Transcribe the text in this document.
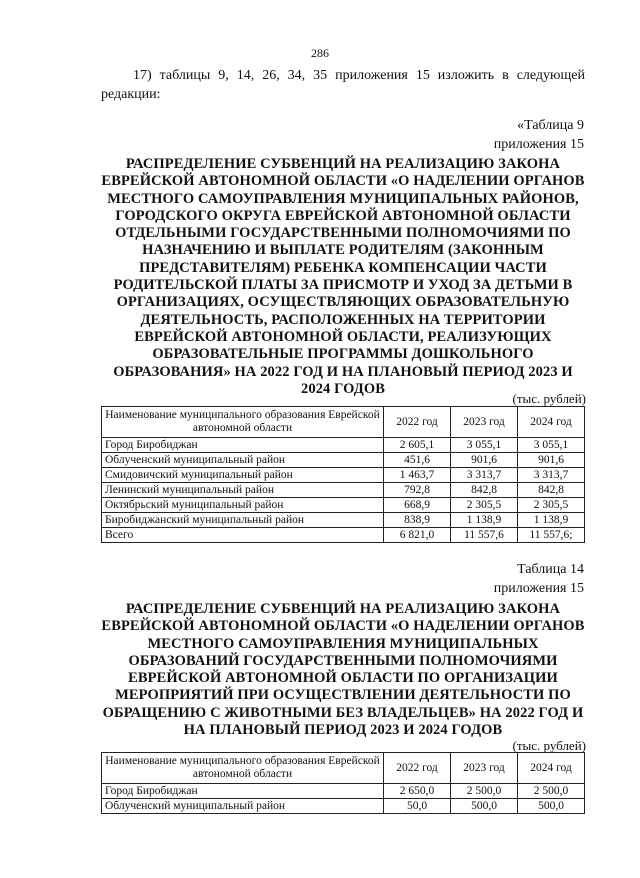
286
17) таблицы 9, 14, 26, 34, 35 приложения 15 изложить в следующей редакции:
«Таблица 9
приложения 15
РАСПРЕДЕЛЕНИЕ СУБВЕНЦИЙ НА РЕАЛИЗАЦИЮ ЗАКОНА ЕВРЕЙСКОЙ АВТОНОМНОЙ ОБЛАСТИ «О НАДЕЛЕНИИ ОРГАНОВ МЕСТНОГО САМОУПРАВЛЕНИЯ МУНИЦИПАЛЬНЫХ РАЙОНОВ, ГОРОДСКОГО ОКРУГА ЕВРЕЙСКОЙ АВТОНОМНОЙ ОБЛАСТИ ОТДЕЛЬНЫМИ ГОСУДАРСТВЕННЫМИ ПОЛНОМОЧИЯМИ ПО НАЗНАЧЕНИЮ И ВЫПЛАТЕ РОДИТЕЛЯМ (ЗАКОННЫМ ПРЕДСТАВИТЕЛЯМ) РЕБЕНКА КОМПЕНСАЦИИ ЧАСТИ РОДИТЕЛЬСКОЙ ПЛАТЫ ЗА ПРИСМОТР И УХОД ЗА ДЕТЬМИ В ОРГАНИЗАЦИЯХ, ОСУЩЕСТВЛЯЮЩИХ ОБРАЗОВАТЕЛЬНУЮ ДЕЯТЕЛЬНОСТЬ, РАСПОЛОЖЕННЫХ НА ТЕРРИТОРИИ ЕВРЕЙСКОЙ АВТОНОМНОЙ ОБЛАСТИ, РЕАЛИЗУЮЩИХ ОБРАЗОВАТЕЛЬНЫЕ ПРОГРАММЫ ДОШКОЛЬНОГО ОБРАЗОВАНИЯ» НА 2022 ГОД И НА ПЛАНОВЫЙ ПЕРИОД 2023 И 2024 ГОДОВ
(тыс. рублей)
Наименование муниципального образования Еврейской автономной области	2022 год	2023 год	2024 год
Город Биробиджан	2 605,1	3 055,1	3 055,1
Облученский муниципальный район	451,6	901,6	901,6
Смидовичский муниципальный район	1 463,7	3 313,7	3 313,7
Ленинский муниципальный район	792,8	842,8	842,8
Октябрьский муниципальный район	668,9	2 305,5	2 305,5
Биробиджанский муниципальный район	838,9	1 138,9	1 138,9
Всего	6 821,0	11 557,6	11 557,6;
Таблица 14
приложения 15
РАСПРЕДЕЛЕНИЕ СУБВЕНЦИЙ НА РЕАЛИЗАЦИЮ ЗАКОНА ЕВРЕЙСКОЙ АВТОНОМНОЙ ОБЛАСТИ «О НАДЕЛЕНИИ ОРГАНОВ МЕСТНОГО САМОУПРАВЛЕНИЯ МУНИЦИПАЛЬНЫХ ОБРАЗОВАНИЙ ГОСУДАРСТВЕННЫМИ ПОЛНОМОЧИЯМИ ЕВРЕЙСКОЙ АВТОНОМНОЙ ОБЛАСТИ ПО ОРГАНИЗАЦИИ МЕРОПРИЯТИЙ ПРИ ОСУЩЕСТВЛЕНИИ ДЕЯТЕЛЬНОСТИ ПО ОБРАЩЕНИЮ С ЖИВОТНЫМИ БЕЗ ВЛАДЕЛЬЦЕВ» НА 2022 ГОД И НА ПЛАНОВЫЙ ПЕРИОД 2023 И 2024 ГОДОВ
(тыс. рублей)
Наименование муниципального образования Еврейской автономной области	2022 год	2023 год	2024 год
Город Биробиджан	2 650,0	2 500,0	2 500,0
Облученский муниципальный район	50,0	500,0	500,0
